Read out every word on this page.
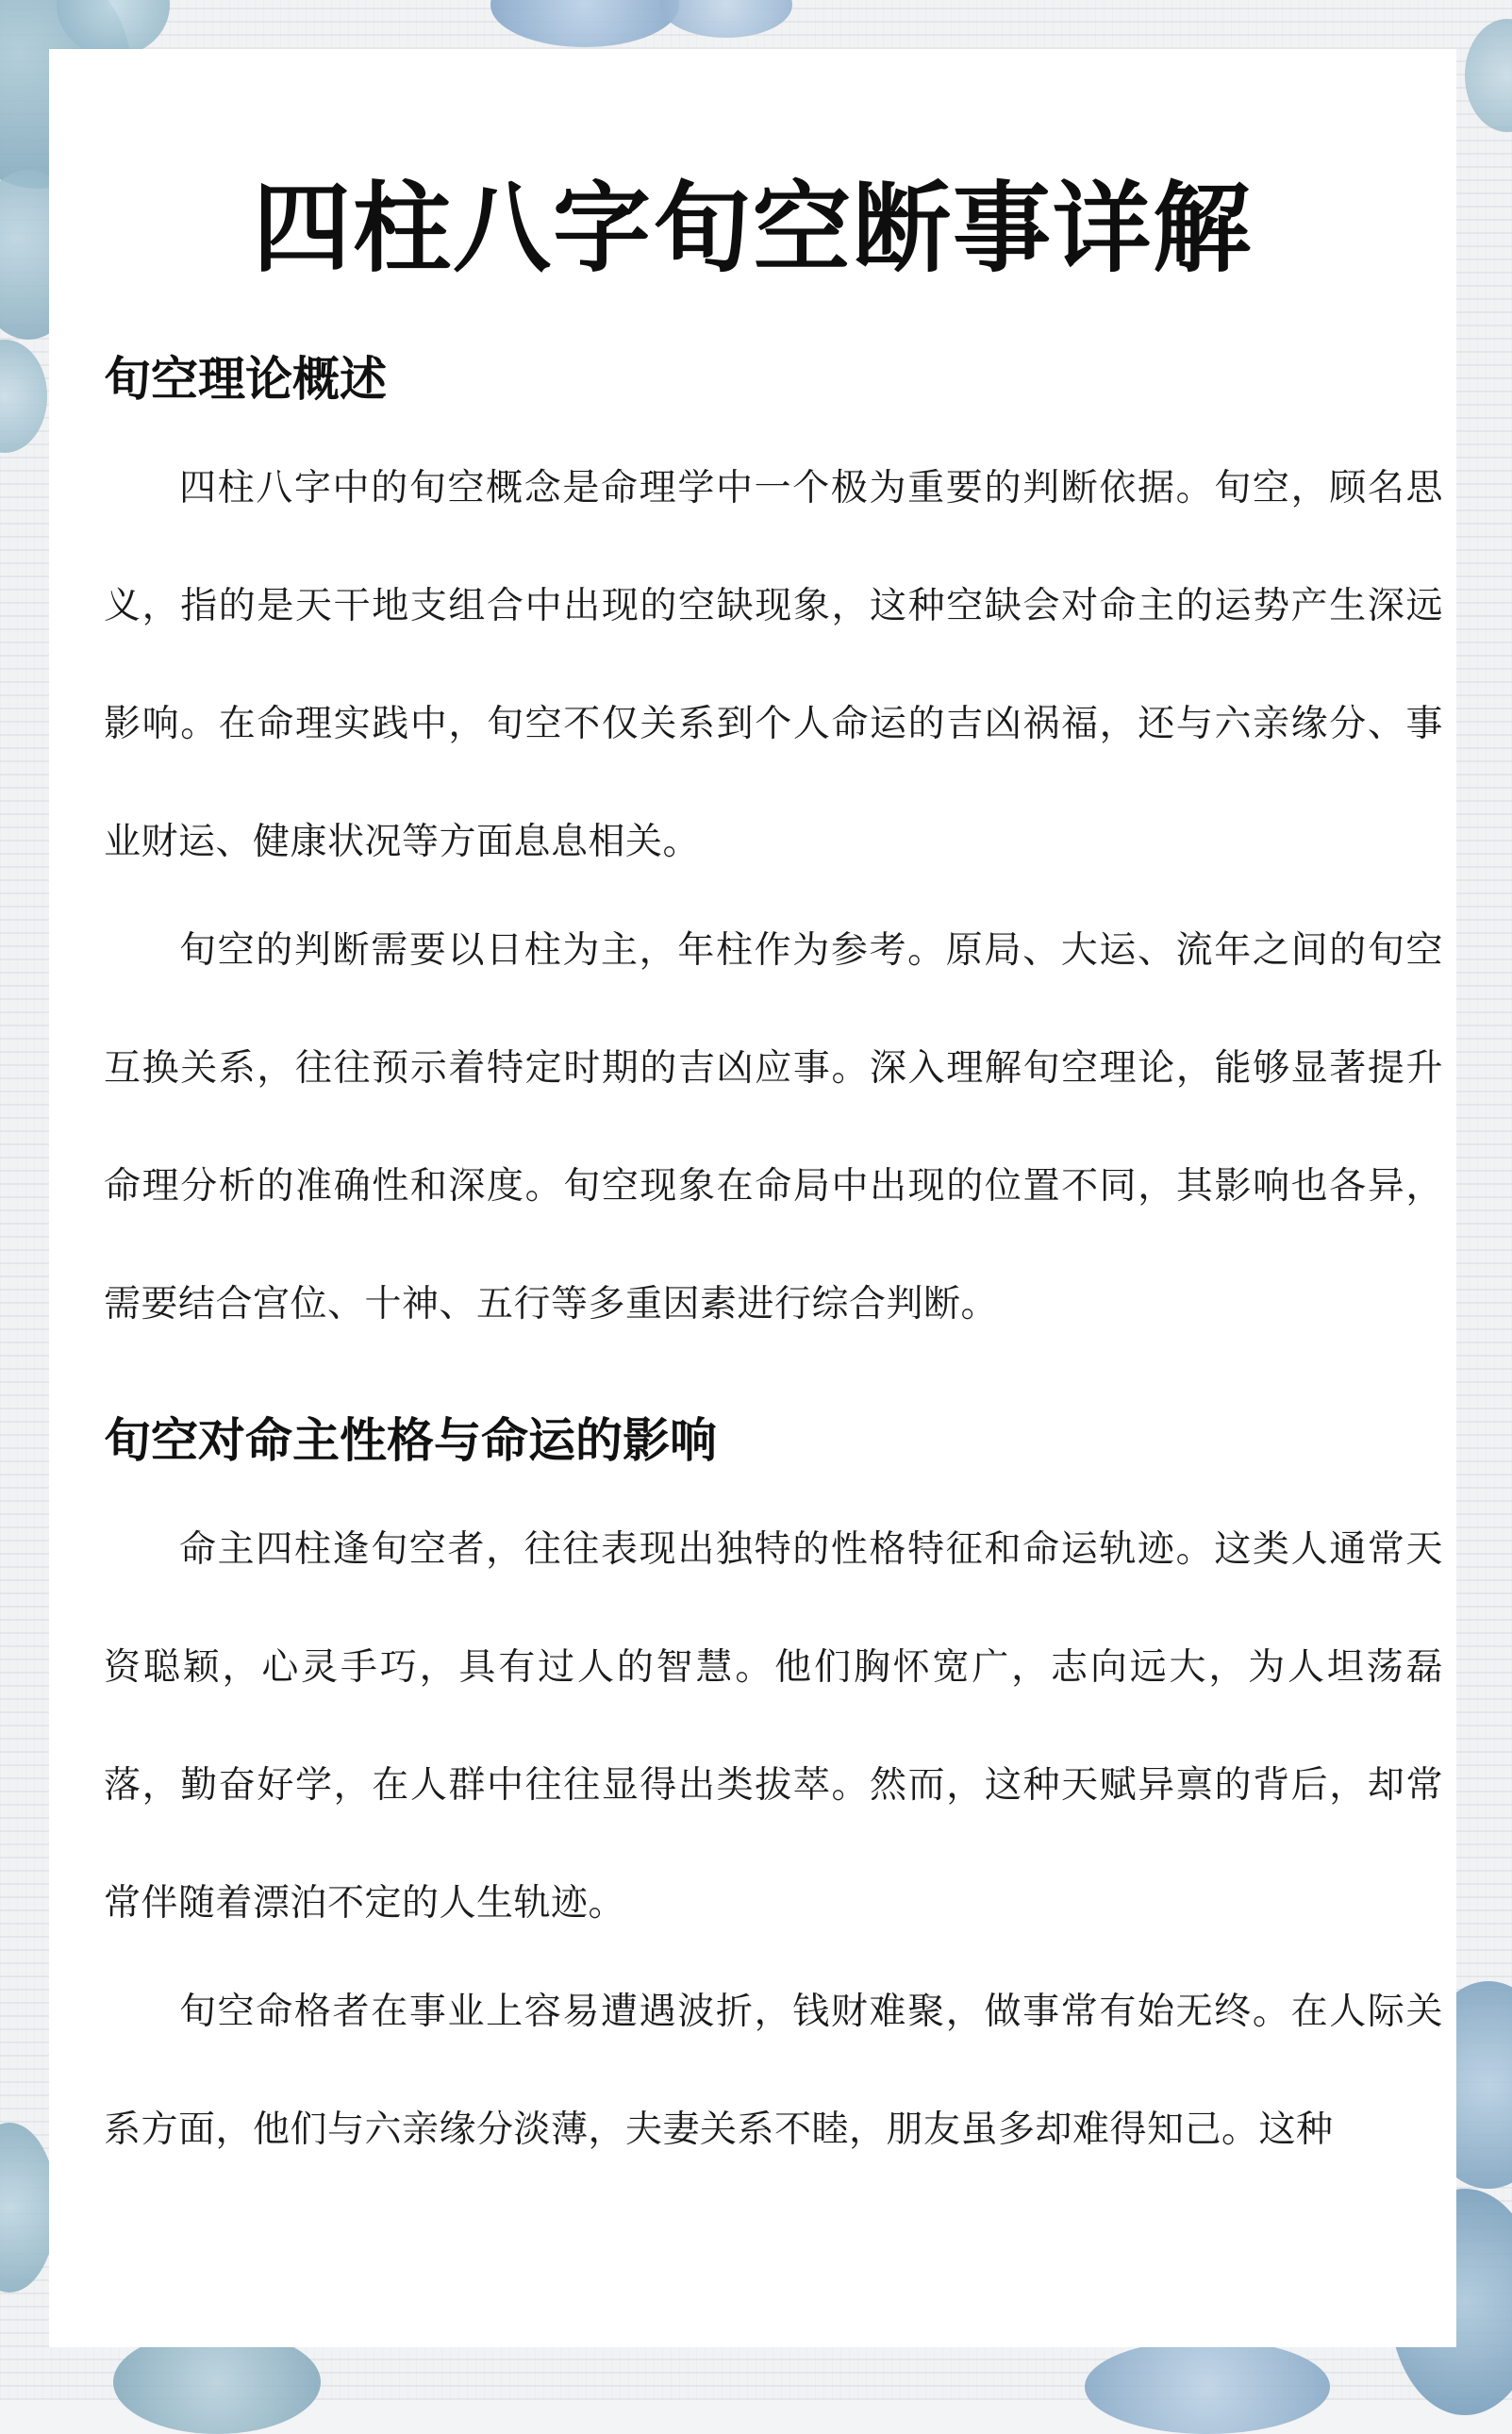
四柱八字旬空断事详解
旬空理论概述

四柱八字中的旬空概念是命理学中一个极为重要的判断依据。旬空，顾名思义，指的是天干地支组合中出现的空缺现象，这种空缺会对命主的运势产生深远影响。在命理实践中，旬空不仅关系到个人命运的吉凶祸福，还与六亲缘分、事业财运、健康状况等方面息息相关。

旬空的判断需要以日柱为主，年柱作为参考。原局、大运、流年之间的旬空互换关系，往往预示着特定时期的吉凶应事。深入理解旬空理论，能够显著提升命理分析的准确性和深度。旬空现象在命局中出现的位置不同，其影响也各异，需要结合宫位、十神、五行等多重因素进行综合判断。

旬空对命主性格与命运的影响

命主四柱逢旬空者，往往表现出独特的性格特征和命运轨迹。这类人通常天资聪颖，心灵手巧，具有过人的智慧。他们胸怀宽广，志向远大，为人坦荡磊落，勤奋好学，在人群中往往显得出类拔萃。然而，这种天赋异禀的背后，却常常伴随着漂泊不定的人生轨迹。

旬空命格者在事业上容易遭遇波折，钱财难聚，做事常有始无终。在人际关系方面，他们与六亲缘分淡薄，夫妻关系不睦，朋友虽多却难得知己。这种
